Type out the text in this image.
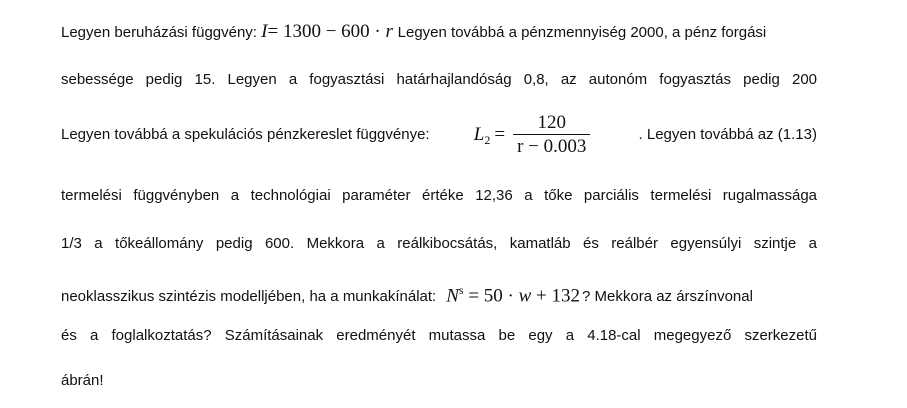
Legyen beruházási függvény: I= 1300 − 600 · r Legyen továbbá a pénzmennyiség 2000, a pénz forgási
sebessége pedig 15. Legyen a fogyasztási határhajlandóság 0,8, az autonóm fogyasztás pedig 200
Legyen továbbá a spekulációs pénzkereslet függvénye: $L_2 = \frac{120}{r - 0.003}$	. Legyen továbbá az (1.13)
termelési függvényben a technológiai paraméter értéke 12,36 a tőke parciális termelési rugalmassága
1/3 a tőkeállomány pedig 600. Mekkora a reálkibocsátás, kamatláb és reálbér egyensúlyi szintje a
neoklasszikus szintézis modelljében, ha a munkakínálat: $N^s = 50 \cdot w + 132$ ? Mekkora az árszínvonal
és a foglalkoztatás? Számításainak eredményét mutassa be egy a 4.18-cal megegyező szerkezetű
ábrán!
